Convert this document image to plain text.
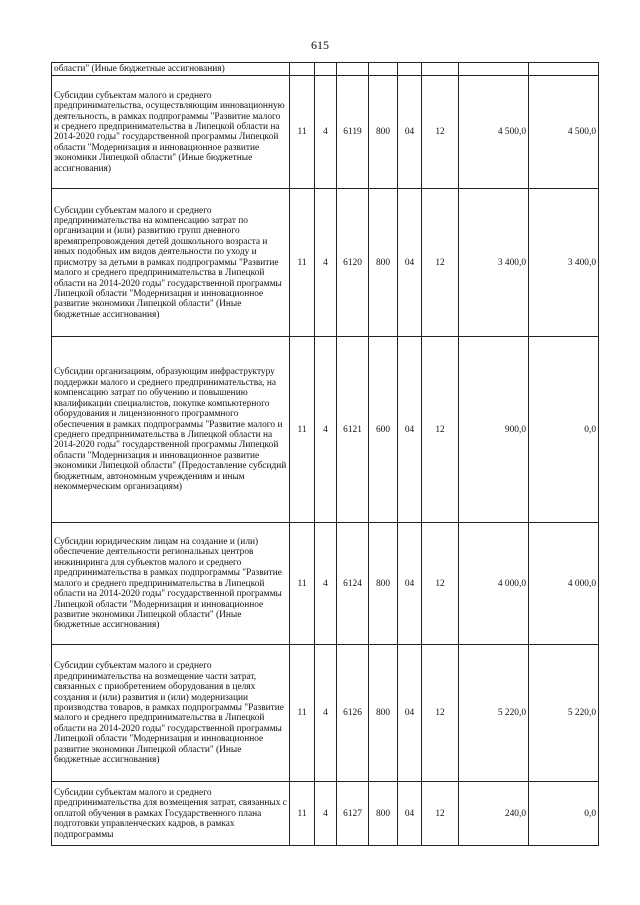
615
области" (Иные бюджетные ассигнования)								
Субсидии субъектам малого и среднего предпринимательства, осуществляющим инновационную деятельность, в рамках подпрограммы "Развитие малого и среднего предпринимательства в Липецкой области на 2014-2020 годы" государственной программы Липецкой области "Модернизация и инновационное развитие экономики Липецкой области" (Иные бюджетные ассигнования)	11	4	6119	800	04	12	4 500,0	4 500,0
Субсидии субъектам малого и среднего предпринимательства на компенсацию затрат по организации и (или) развитию групп дневного времяпрепровождения детей дошкольного возраста и иных подобных им видов деятельности по уходу и присмотру за детьми в рамках подпрограммы "Развитие малого и среднего предпринимательства в Липецкой области на 2014-2020 годы" государственной программы Липецкой области "Модернизация и инновационное развитие экономики Липецкой области" (Иные бюджетные ассигнования)	11	4	6120	800	04	12	3 400,0	3 400,0
Субсидии организациям, образующим инфраструктуру поддержки малого и среднего предпринимательства, на компенсацию затрат по обучению и повышению квалификации специалистов, покупке компьютерного оборудования и лицензионного программного обеспечения в рамках подпрограммы "Развитие малого и среднего предпринимательства в Липецкой области на 2014-2020 годы" государственной программы Липецкой области "Модернизация и инновационное развитие экономики Липецкой области" (Предоставление субсидий бюджетным, автономным учреждениям и иным некоммерческим организациям)	11	4	6121	600	04	12	900,0	0,0
Субсидии юридическим лицам на создание и (или) обеспечение деятельности региональных центров инжиниринга для субъектов малого и среднего предпринимательства в рамках подпрограммы "Развитие малого и среднего предпринимательства в Липецкой области на 2014-2020 годы" государственной программы Липецкой области "Модернизация и инновационное развитие экономики Липецкой области" (Иные бюджетные ассигнования)	11	4	6124	800	04	12	4 000,0	4 000,0
Субсидии субъектам малого и среднего предпринимательства на возмещение части затрат, связанных с приобретением оборудования в целях создания и (или) развития и (или) модернизации производства товаров, в рамках подпрограммы "Развитие малого и среднего предпринимательства в Липецкой области на 2014-2020 годы" государственной программы Липецкой области "Модернизация и инновационное развитие экономики Липецкой области" (Иные бюджетные ассигнования)	11	4	6126	800	04	12	5 220,0	5 220,0
Субсидии субъектам малого и среднего предпринимательства для возмещения затрат, связанных с оплатой обучения в рамках Государственного плана подготовки управленческих кадров, в рамках подпрограммы	11	4	6127	800	04	12	240,0	0,0
